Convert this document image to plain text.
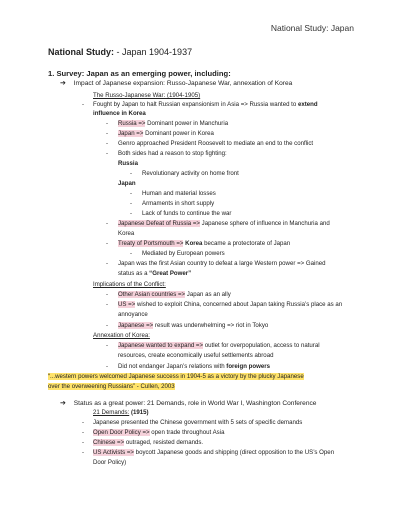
National Study: Japan
National Study: - Japan 1904-1937
1. Survey: Japan as an emerging power, including:
➔ Impact of Japanese expansion: Russo-Japanese War, annexation of Korea
The Russo-Japanese War: (1904-1905)
- Fought by Japan to halt Russian expansionism in Asia => Russia wanted to extend
influence in Korea
- Russia => Dominant power in Manchuria
- Japan => Dominant power in Korea
- Genro approached President Roosevelt to mediate an end to the conflict
- Both sides had a reason to stop fighting:
Russia
- Revolutionary activity on home front
Japan
- Human and material losses
- Armaments in short supply
- Lack of funds to continue the war
- Japanese Defeat of Russia => Japanese sphere of influence in Manchuria and
Korea
- Treaty of Portsmouth => Korea became a protectorate of Japan
- Mediated by European powers
- Japan was the first Asian country to defeat a large Western power => Gained
status as a “Great Power”
Implications of the Conflict:
- Other Asian countries => Japan as an ally
- US => wished to exploit China, concerned about Japan taking Russia’s place as an
annoyance
- Japanese => result was underwhelming => riot in Tokyo
Annexation of Korea:
- Japanese wanted to expand => outlet for overpopulation, access to natural
resources, create economically useful settlements abroad
- Did not endanger Japan’s relations with foreign powers
“...western powers welcomed Japanese success in 1904-5 as a victory by the plucky Japanese
over the overweening Russians” - Cullen, 2003
➔ Status as a great power: 21 Demands, role in World War I, Washington Conference
21 Demands: (1915)
- Japanese presented the Chinese government with 5 sets of specific demands
- Open Door Policy => open trade throughout Asia
- Chinese => outraged, resisted demands.
- US Activists => boycott Japanese goods and shipping (direct opposition to the US’s Open
Door Policy)
